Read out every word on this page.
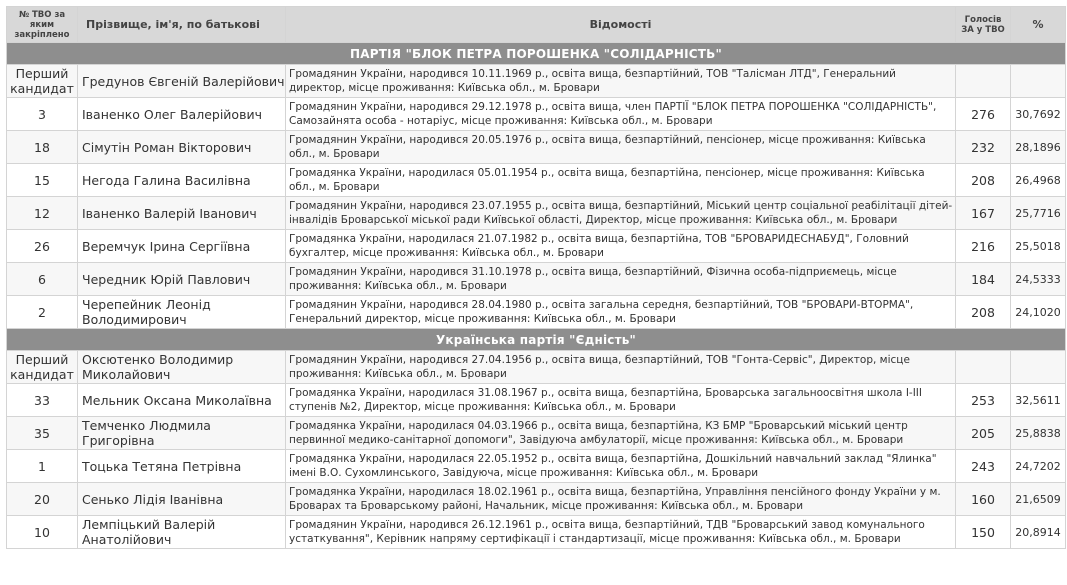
№ ТВО за яким закріплено	Прізвище, ім'я, по батькові	Відомості	Голосів ЗА у ТВО	%
ПАРТІЯ "БЛОК ПЕТРА ПОРОШЕНКА "СОЛІДАРНІСТЬ"				
Перший кандидат	Гредунов Євгеній Валерійович	Громадянин України, народився 10.11.1969 р., освіта вища, безпартійний, ТОВ "Талісман ЛТД", Генеральний директор, місце проживання: Київська обл., м. Бровари		
3	Іваненко Олег Валерійович	Громадянин України, народився 29.12.1978 р., освіта вища, член ПАРТІЇ "БЛОК ПЕТРА ПОРОШЕНКА "СОЛІДАРНІСТЬ", Самозайнята особа - нотаріус, місце проживання: Київська обл., м. Бровари	276	30,7692
18	Сімутін Роман Вікторович	Громадянин України, народився 20.05.1976 р., освіта вища, безпартійний, пенсіонер, місце проживання: Київська обл., м. Бровари	232	28,1896
15	Негода Галина Василівна	Громадянка України, народилася 05.01.1954 р., освіта вища, безпартійна, пенсіонер, місце проживання: Київська обл., м. Бровари	208	26,4968
12	Іваненко Валерій Іванович	Громадянин України, народився 23.07.1955 р., освіта вища, безпартійний, Міський центр соціальної реабілітації дітей-інвалідів Броварської міської ради Київської області, Директор, місце проживання: Київська обл., м. Бровари	167	25,7716
26	Веремчук Ірина Сергіївна	Громадянка України, народилася 21.07.1982 р., освіта вища, безпартійна, ТОВ "БРОВАРИДЕСНАБУД", Головний бухгалтер, місце проживання: Київська обл., м. Бровари	216	25,5018
6	Чередник Юрій Павлович	Громадянин України, народився 31.10.1978 р., освіта вища, безпартійний, Фізична особа-підприємець, місце проживання: Київська обл., м. Бровари	184	24,5333
2	Черепейник Леонід Володимирович	Громадянин України, народився 28.04.1980 р., освіта загальна середня, безпартійний, ТОВ "БРОВАРИ-ВТОРМА", Генеральний директор, місце проживання: Київська обл., м. Бровари	208	24,1020
Українська партія "Єдність"				
Перший кандидат	Оксютенко Володимир Миколайович	Громадянин України, народився 27.04.1956 р., освіта вища, безпартійний, ТОВ "Гонта-Сервіс", Директор, місце проживання: Київська обл., м. Бровари		
33	Мельник Оксана Миколаївна	Громадянка України, народилася 31.08.1967 р., освіта вища, безпартійна, Броварська загальноосвітня школа І-ІІІ ступенів №2, Директор, місце проживання: Київська обл., м. Бровари	253	32,5611
35	Темченко Людмила Григорівна	Громадянка України, народилася 04.03.1966 р., освіта вища, безпартійна, КЗ БМР "Броварський міський центр первинної медико-санітарної допомоги", Завідуюча амбулаторії, місце проживання: Київська обл., м. Бровари	205	25,8838
1	Тоцька Тетяна Петрівна	Громадянка України, народилася 22.05.1952 р., освіта вища, безпартійна, Дошкільний навчальний заклад "Ялинка" імені В.О. Сухомлинського, Завідуюча, місце проживання: Київська обл., м. Бровари	243	24,7202
20	Сенько Лідія Іванівна	Громадянка України, народилася 18.02.1961 р., освіта вища, безпартійна, Управління пенсійного фонду України у м. Броварах та Броварському районі, Начальник, місце проживання: Київська обл., м. Бровари	160	21,6509
10	Лемпіцький Валерій Анатолійович	Громадянин України, народився 26.12.1961 р., освіта вища, безпартійний, ТДВ "Броварський завод комунального устаткування", Керівник напряму сертифікації і стандартизації, місце проживання: Київська обл., м. Бровари	150	20,8914
